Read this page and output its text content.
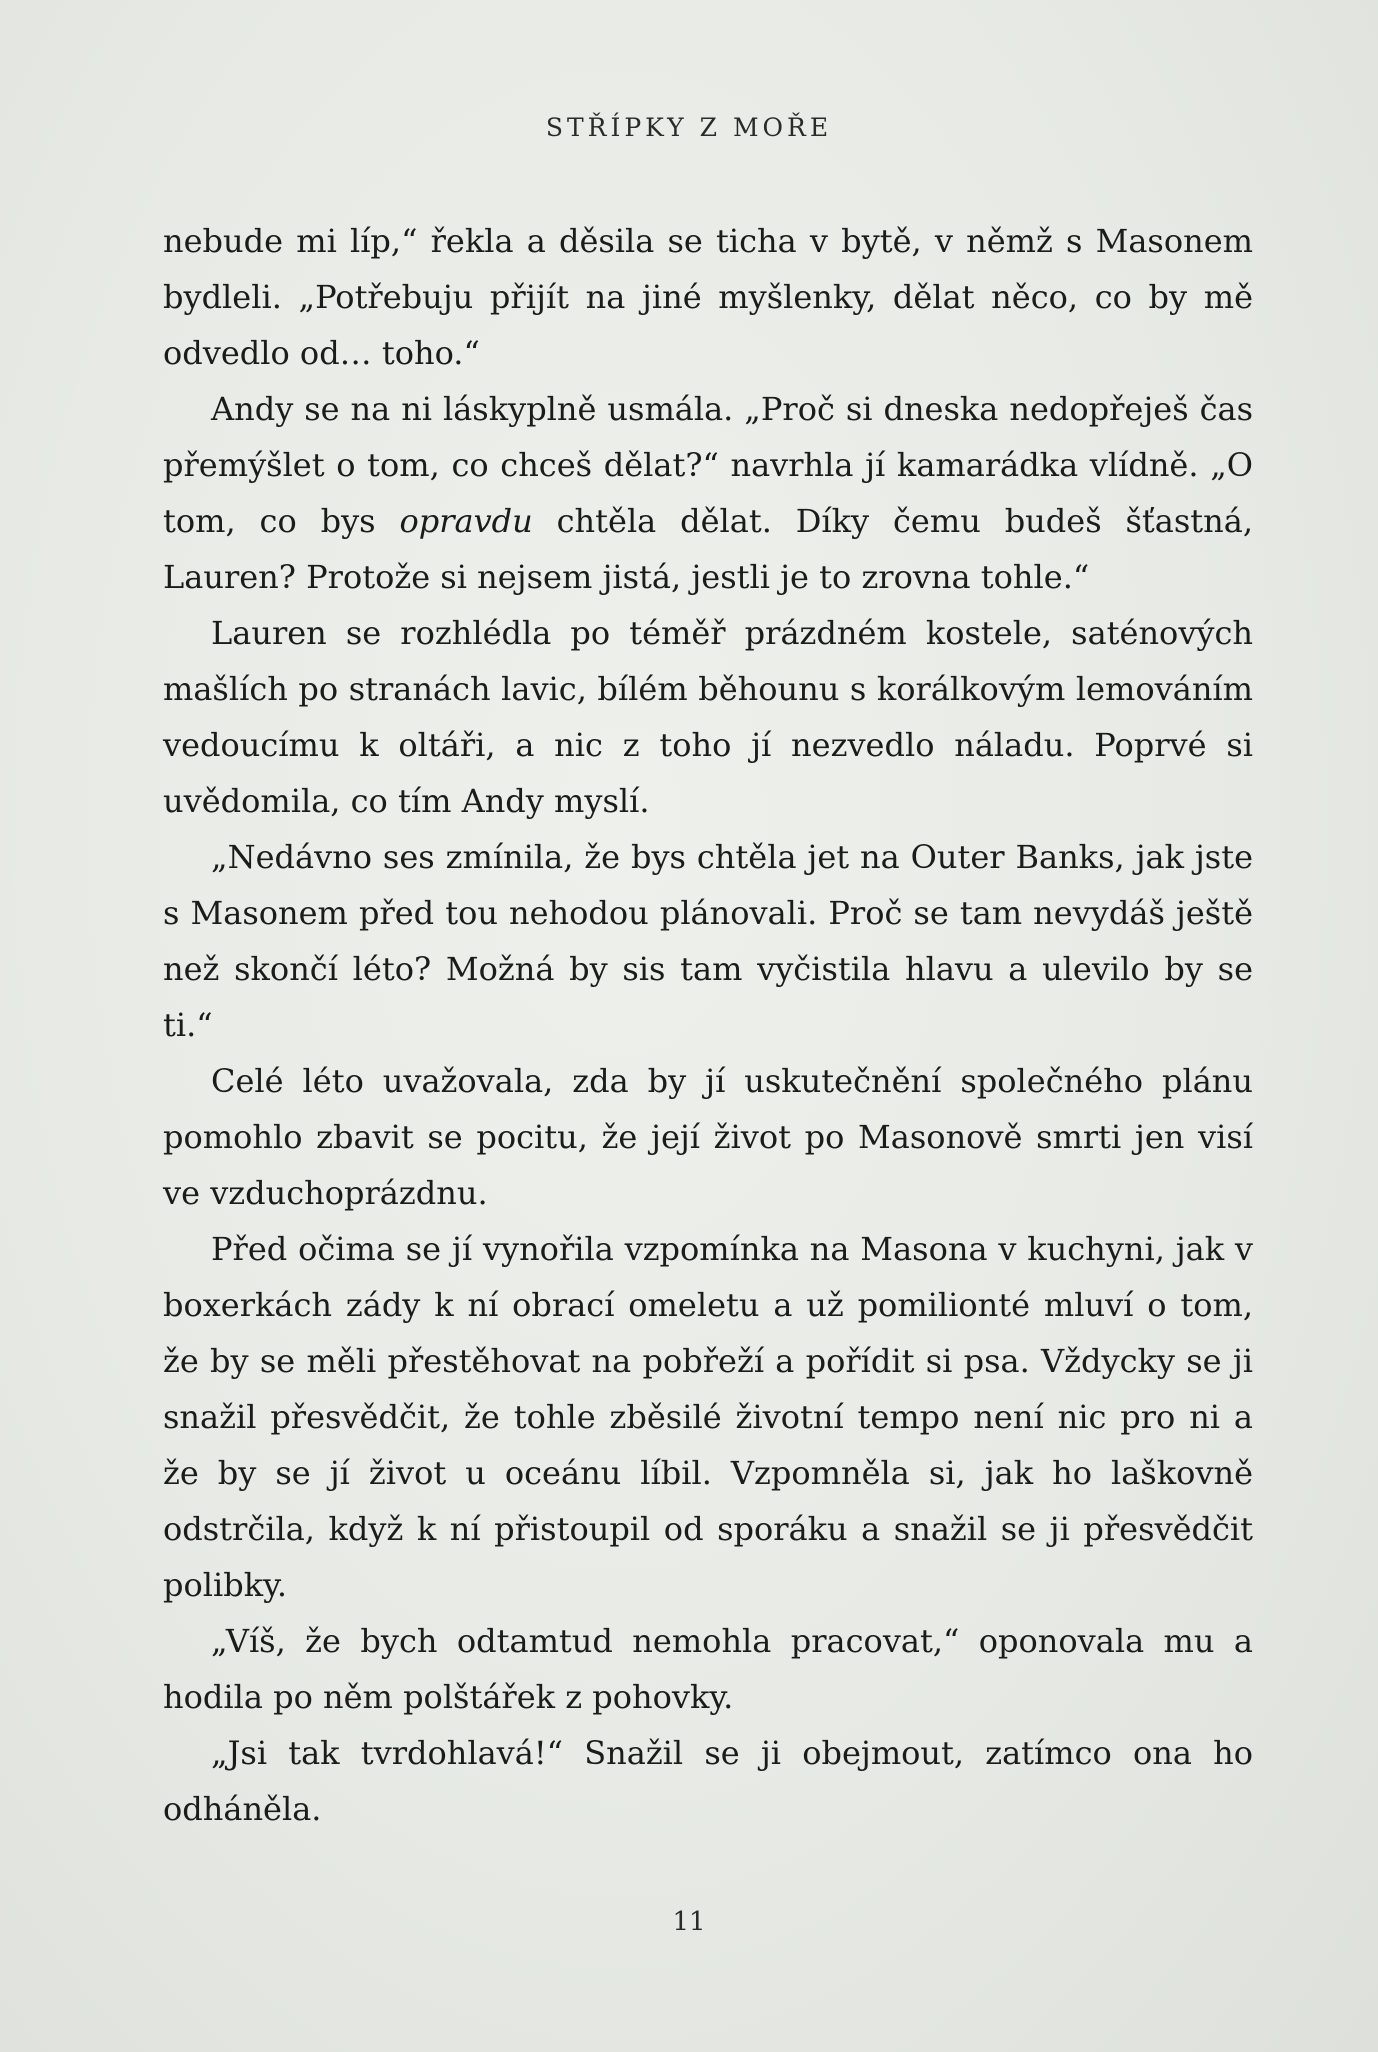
STŘÍPKY Z MOŘE

nebude mi líp,“ řekla a děsila se ticha v bytě, v němž s Masonem bydleli. „Potřebuju přijít na jiné myšlenky, dělat něco, co by mě odvedlo od… toho.“

Andy se na ni láskyplně usmála. „Proč si dneska nedopřeješ čas přemýšlet o tom, co chceš dělat?“ navrhla jí kamarádka vlídně. „O tom, co bys opravdu chtěla dělat. Díky čemu budeš šťastná, Lauren? Protože si nejsem jistá, jestli je to zrovna tohle.“

Lauren se rozhlédla po téměř prázdném kostele, saténových mašlích po stranách lavic, bílém běhounu s korálkovým lemováním vedoucímu k oltáři, a nic z toho jí nezvedlo náladu. Poprvé si uvědomila, co tím Andy myslí.

„Nedávno ses zmínila, že bys chtěla jet na Outer Banks, jak jste s Masonem před tou nehodou plánovali. Proč se tam nevydáš ještě než skončí léto? Možná by sis tam vyčistila hlavu a ulevilo by se ti.“

Celé léto uvažovala, zda by jí uskutečnění společného plánu pomohlo zbavit se pocitu, že její život po Masonově smrti jen visí ve vzduchoprázdnu.

Před očima se jí vynořila vzpomínka na Masona v kuchyni, jak v boxerkách zády k ní obrací omeletu a už pomilionté mluví o tom, že by se měli přestěhovat na pobřeží a pořídit si psa. Vždycky se ji snažil přesvědčit, že tohle zběsilé životní tempo není nic pro ni a že by se jí život u oceánu líbil. Vzpomněla si, jak ho laškovně odstrčila, když k ní přistoupil od sporáku a snažil se ji přesvědčit polibky.

„Víš, že bych odtamtud nemohla pracovat,“ oponovala mu a hodila po něm polštářek z pohovky.

„Jsi tak tvrdohlavá!“ Snažil se ji obejmout, zatímco ona ho odháněla.

11
